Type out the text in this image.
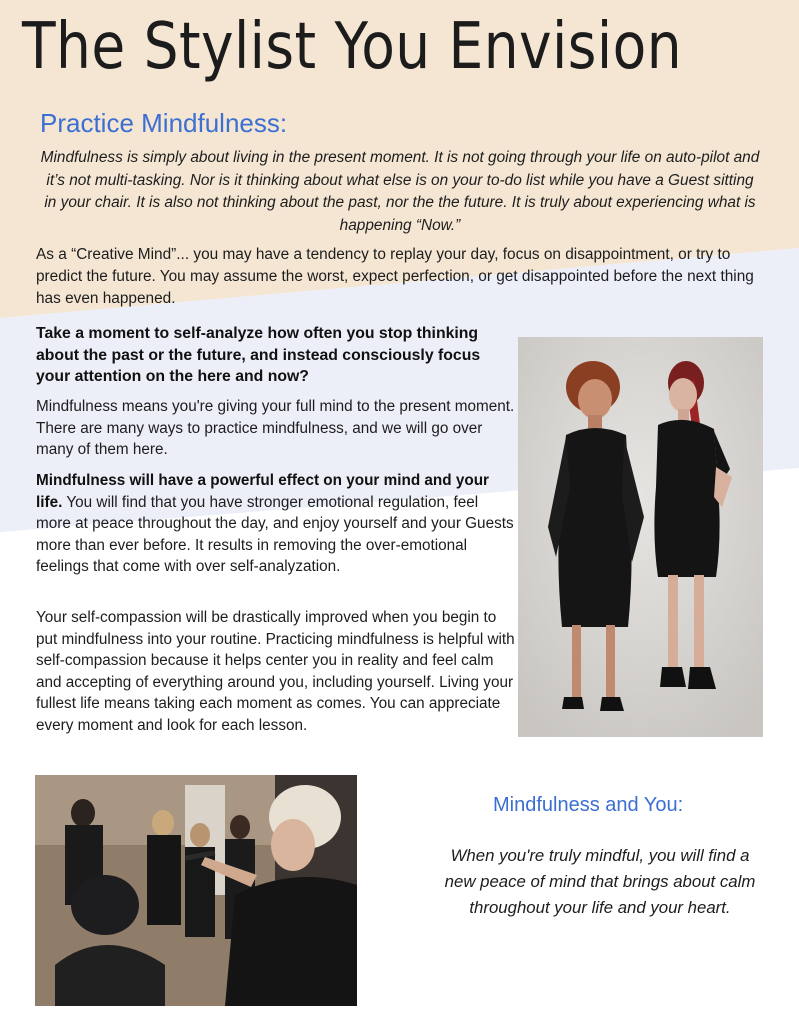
The Stylist You Envision
Practice Mindfulness:
Mindfulness is simply about living in the present moment. It is not going through your life on auto-pilot and it’s not multi-tasking. Nor is it thinking about what else is on your to-do list while you have a Guest sitting in your chair. It is also not thinking about the past, nor the the future. It is truly about experiencing what is happening “Now.”
As a “Creative Mind”... you may have a tendency to replay your day, focus on disappointment, or try to predict the future. You may assume the worst, expect perfection, or get disappointed before the next thing has even happened.
Take a moment to self-analyze how often you stop thinking about the past or the future, and instead consciously focus your attention on the here and now?
Mindfulness means you're giving your full mind to the present moment. There are many ways to practice mindfulness, and we will go over many of them here.
Mindfulness will have a powerful effect on your mind and your life. You will find that you have stronger emotional regulation, feel more at peace throughout the day, and enjoy yourself and your Guests more than ever before. It results in removing the over-emotional feelings that come with over self-analyzation.
Your self-compassion will be drastically improved when you begin to put mindfulness into your routine. Practicing mindfulness is helpful with self-compassion because it helps center you in reality and feel calm and accepting of everything around you, including yourself. Living your fullest life means taking each moment as comes. You can appreciate every moment and look for each lesson.
Mindfulness and You:
When you're truly mindful, you will find a new peace of mind that brings about calm throughout your life and your heart.
